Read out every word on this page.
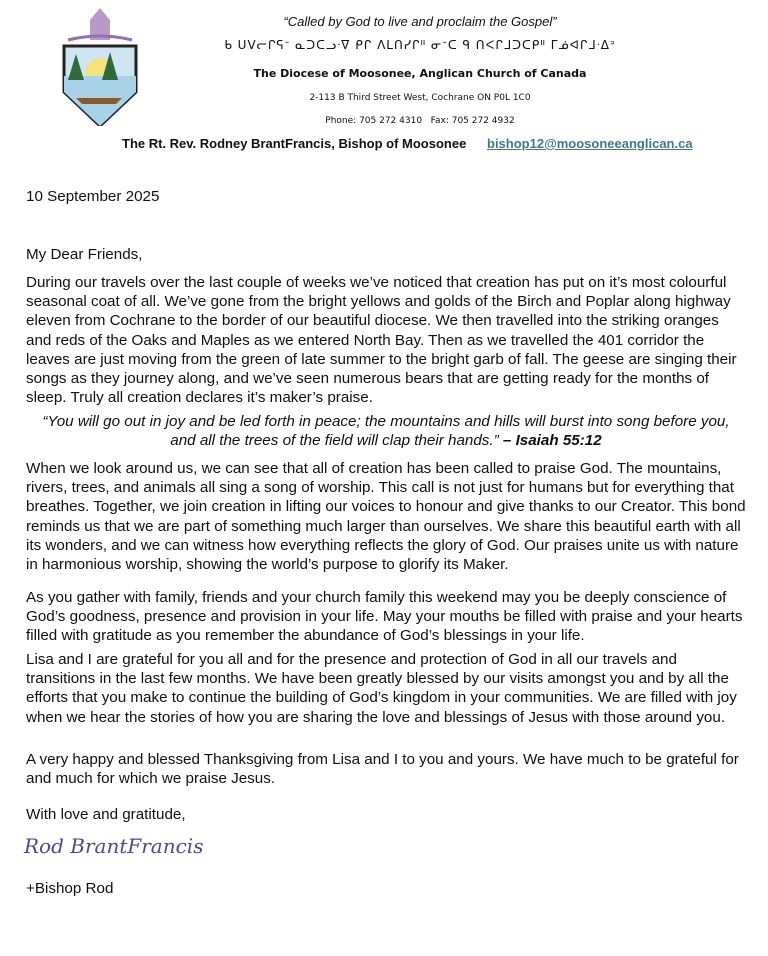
“Called by God to live and proclaim the Gospel”
ᑲ ᑌᐯᓕᒋᕋᐨ ᓇᑐᑕᓗᐧᐁ ᑭᒋ ᐱᒪᑎᓯᒋᐦ ᓂᐨᑕ ᑫ ᑎᐸᒋᒧᑐᑕᑭᐦ ᒥᓅᐊᒋᒧᐧᐃᐣ
The Diocese of Moosonee, Anglican Church of Canada
2-113 B Third Street West, Cochrane ON P0L 1C0
Phone: 705 272 4310   Fax: 705 272 4932
The Rt. Rev. Rodney BrantFrancis, Bishop of Moosonee bishop12@moosoneeanglican.ca
10 September 2025
My Dear Friends,

During our travels over the last couple of weeks we’ve noticed that creation has put on it’s most colourful seasonal coat of all. We’ve gone from the bright yellows and golds of the Birch and Poplar along highway eleven from Cochrane to the border of our beautiful diocese. We then travelled into the striking oranges and reds of the Oaks and Maples as we entered North Bay. Then as we travelled the 401 corridor the leaves are just moving from the green of late summer to the bright garb of fall. The geese are singing their songs as they journey along, and we’ve seen numerous bears that are getting ready for the months of sleep. Truly all creation declares it’s maker’s praise.

“You will go out in joy and be led forth in peace; the mountains and hills will burst into song before you, and all the trees of the field will clap their hands.” – Isaiah 55:12

When we look around us, we can see that all of creation has been called to praise God. The mountains, rivers, trees, and animals all sing a song of worship. This call is not just for humans but for everything that breathes. Together, we join creation in lifting our voices to honour and give thanks to our Creator. This bond reminds us that we are part of something much larger than ourselves. We share this beautiful earth with all its wonders, and we can witness how everything reflects the glory of God. Our praises unite us with nature in harmonious worship, showing the world’s purpose to glorify its Maker.

As you gather with family, friends and your church family this weekend may you be deeply conscience of God’s goodness, presence and provision in your life. May your mouths be filled with praise and your hearts filled with gratitude as you remember the abundance of God’s blessings in your life.

Lisa and I are grateful for you all and for the presence and protection of God in all our travels and transitions in the last few months. We have been greatly blessed by our visits amongst you and by all the efforts that you make to continue the building of God’s kingdom in your communities. We are filled with joy when we hear the stories of how you are sharing the love and blessings of Jesus with those around you.

A very happy and blessed Thanksgiving from Lisa and I to you and yours. We have much to be grateful for and much for which we praise Jesus.

With love and gratitude,
Rod BrantFrancis
+Bishop Rod
